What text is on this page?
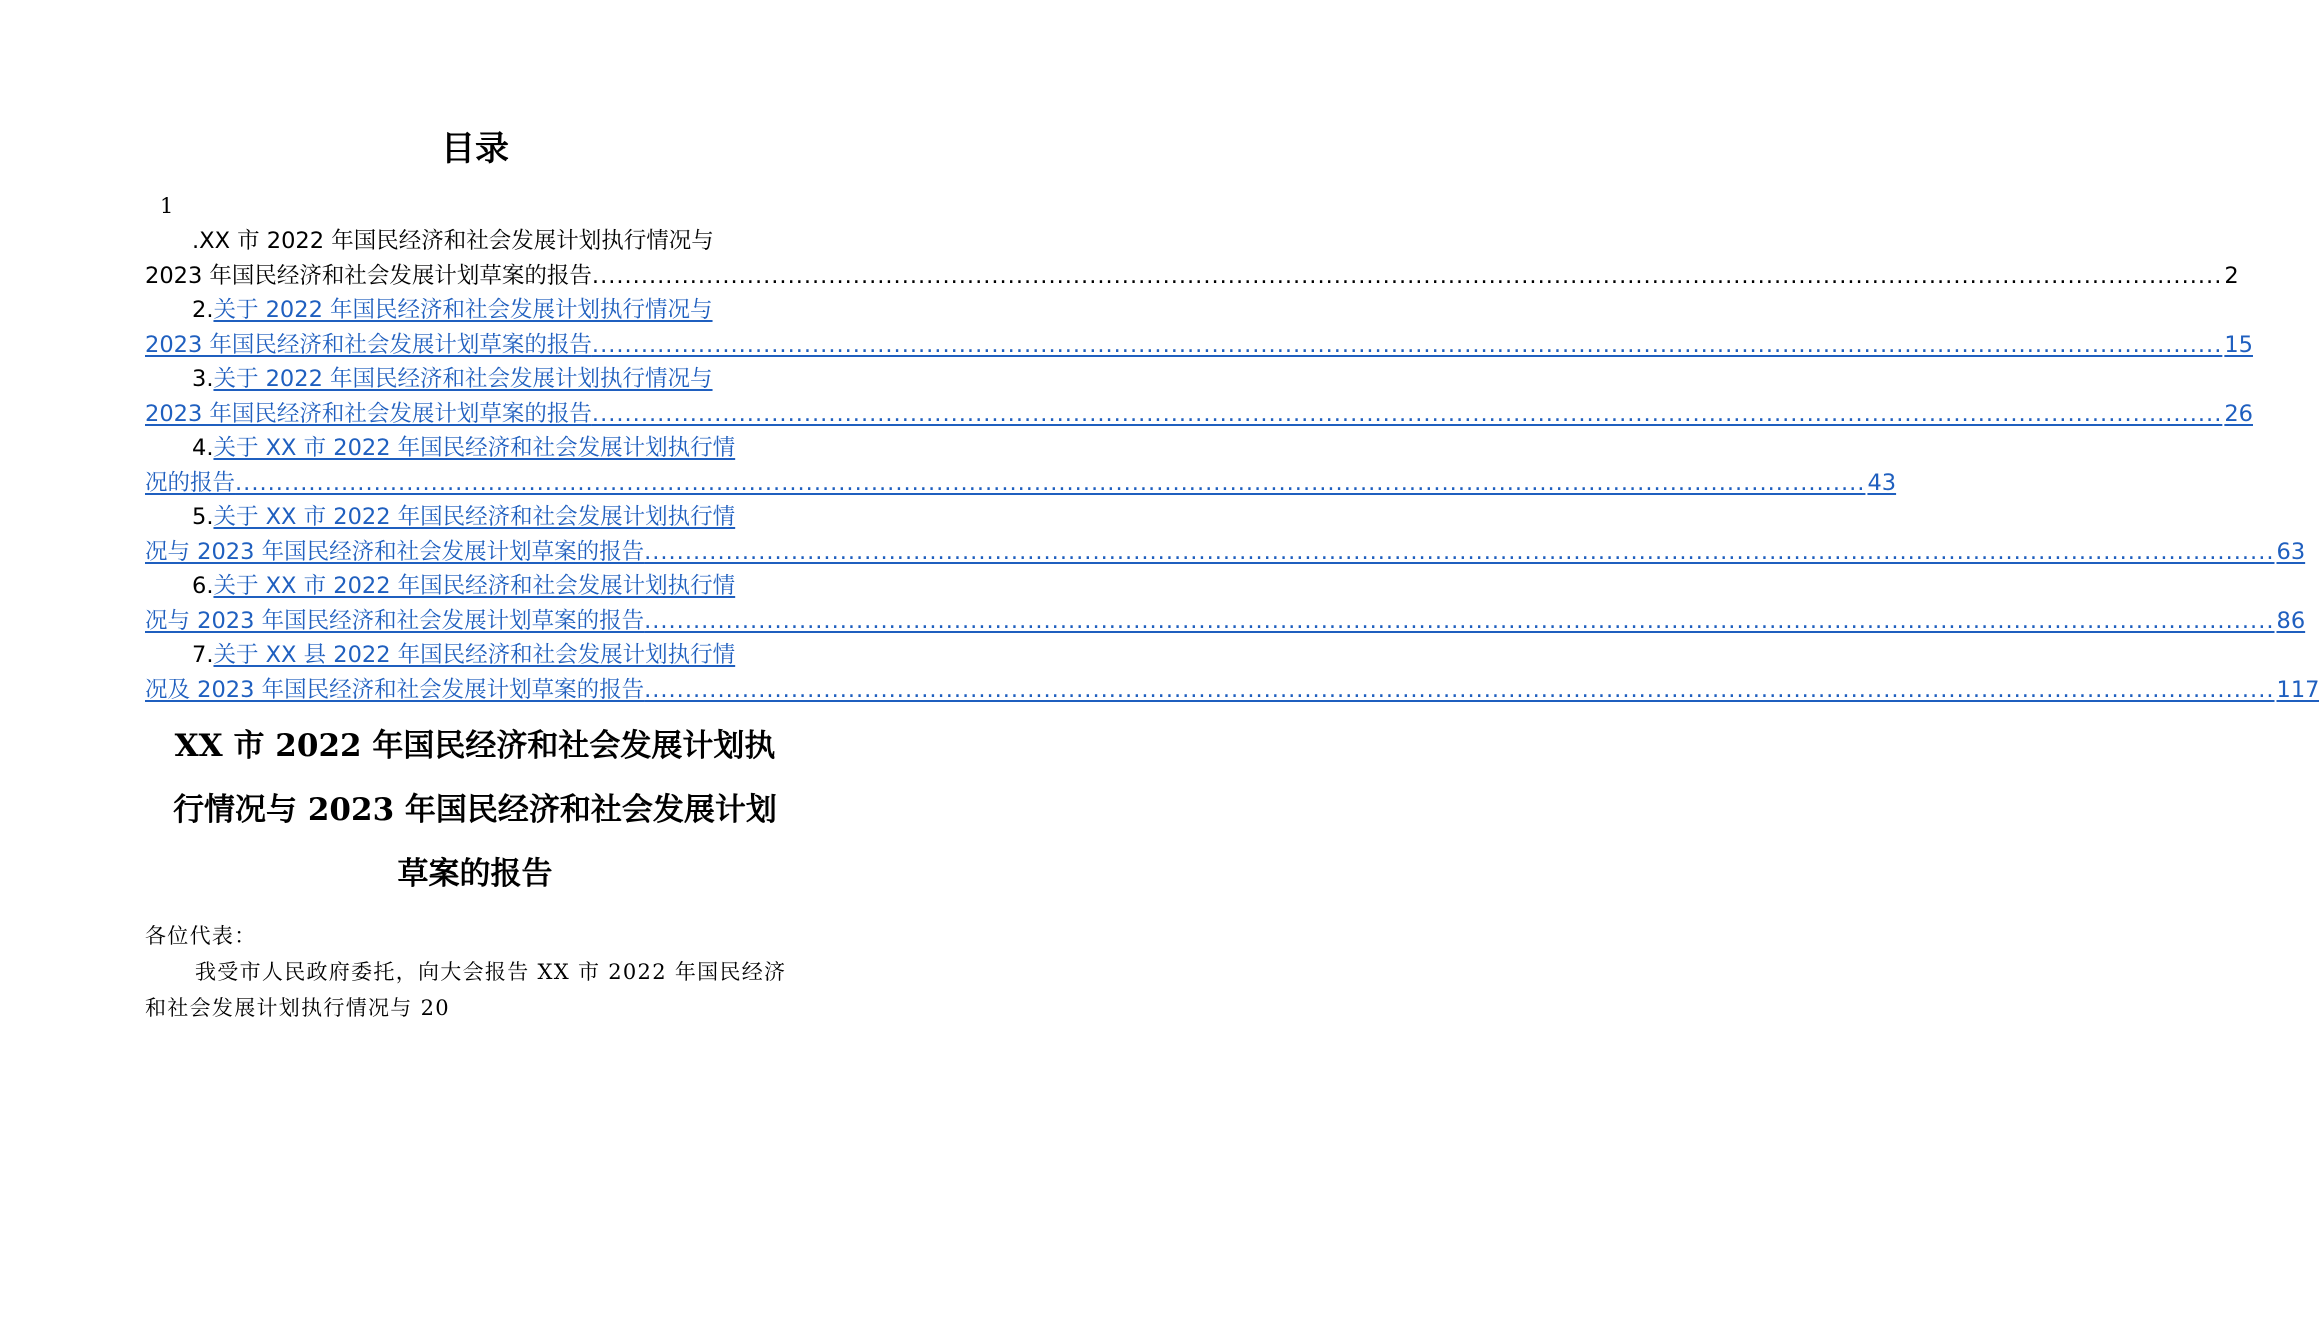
目录
1
.XX 市 2022 年国民经济和社会发展计划执行情况与
2023 年国民经济和社会发展计划草案的报告 ........................................................................................................................................................................................................ 2
2. 关于 2022 年国民经济和社会发展计划执行情况与
2023 年国民经济和社会发展计划草案的报告 ........................................................................................................................................................................................................ 15
3. 关于 2022 年国民经济和社会发展计划执行情况与
2023 年国民经济和社会发展计划草案的报告 ........................................................................................................................................................................................................ 26
4. 关于 XX 市 2022 年国民经济和社会发展计划执行情
况的报告 ........................................................................................................................................................................................................ 43
5. 关于 XX 市 2022 年国民经济和社会发展计划执行情
况与 2023 年国民经济和社会发展计划草案的报告 ........................................................................................................................................................................................................ 63
6. 关于 XX 市 2022 年国民经济和社会发展计划执行情
况与 2023 年国民经济和社会发展计划草案的报告 ........................................................................................................................................................................................................ 86
7. 关于 XX 县 2022 年国民经济和社会发展计划执行情
况及 2023 年国民经济和社会发展计划草案的报告 ........................................................................................................................................................................................................ 117
XX 市 2022 年国民经济和社会发展计划执
行情况与 2023 年国民经济和社会发展计划
草案的报告
各位代表：
我受市人民政府委托，向大会报告 XX 市 2022 年国民经济和社会发展计划执行情况与 20
